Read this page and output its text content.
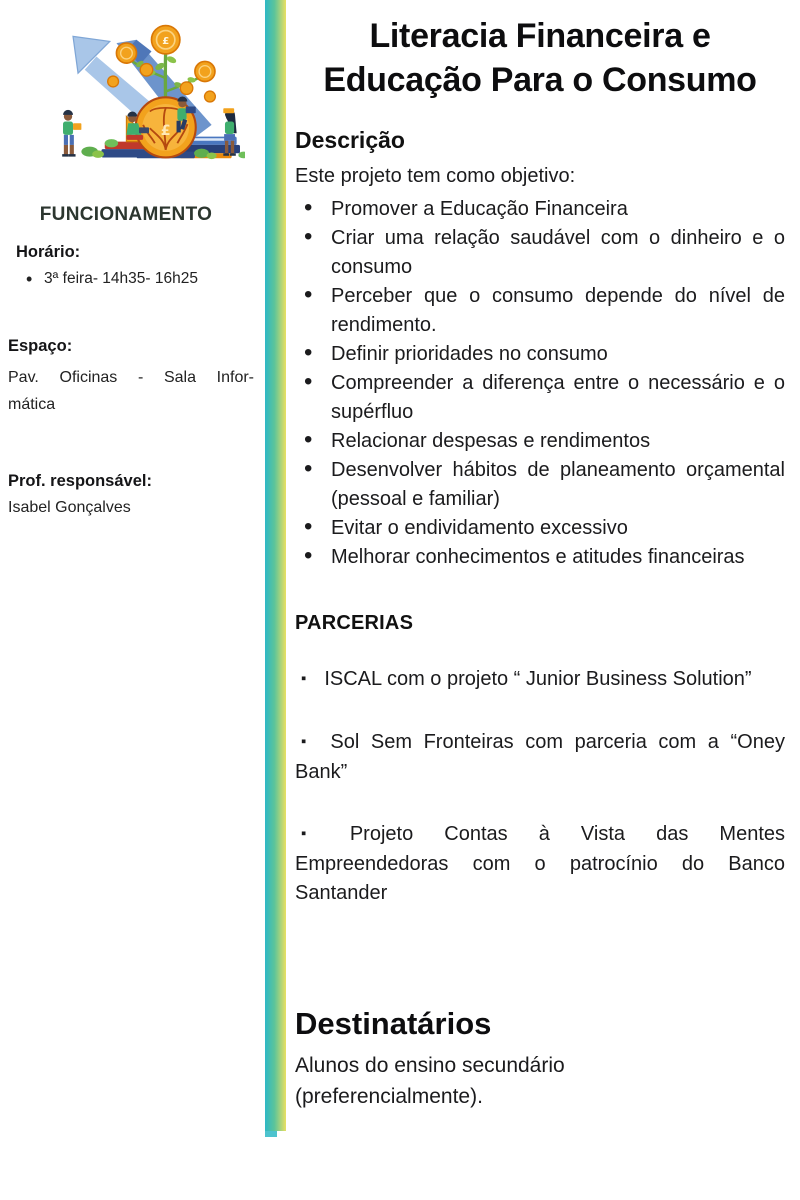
£
£
FUNCIONAMENTO
Horário:
• 3ª feira- 14h35- 16h25
Espaço:
Pav. Oficinas - Sala Infor-
mática
Prof. responsável:
Isabel Gonçalves
Literacia Financeira e
Educação Para o Consumo
Descrição

Este projeto tem como objetivo:

• Promover a Educação Financeira
• Criar uma relação saudável com o dinheiro e o consumo
• Perceber que o consumo depende do nível de rendimento.
• Definir prioridades no consumo
• Compreender a diferença entre o necessário e o supérfluo
• Relacionar despesas e rendimentos
• Desenvolver hábitos de planeamento orçamental (pessoal e familiar)
• Evitar o endividamento excessivo
• Melhorar conhecimentos e atitudes financeiras
PARCERIAS

▪ ISCAL com o projeto “ Junior Business Solution”

▪ Sol Sem Fronteiras com parceria com a “Oney Bank”

▪ Projeto Contas à Vista das Mentes Empreendedoras com o patrocínio do Banco Santander

Destinatários
Alunos do ensino secundário
(preferencialmente).
